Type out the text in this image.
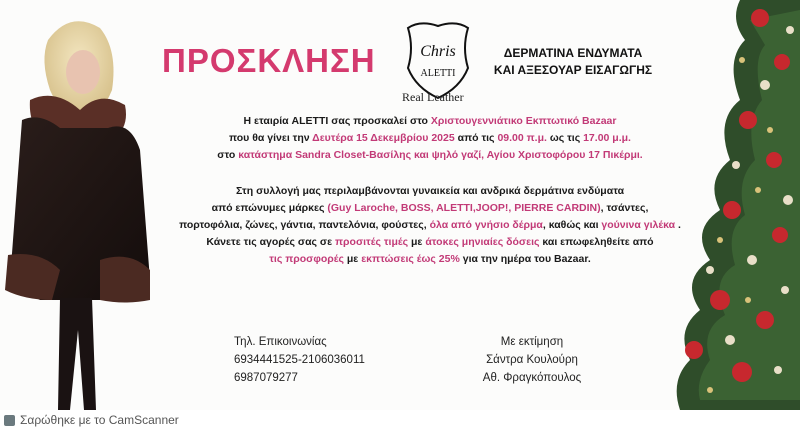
ΠΡΟΣΚΛΗΣΗ	Chris
ALETTI
Real Leather
ΔΕΡΜΑΤΙΝΑ ΕΝΔΥΜΑΤΑ
ΚΑΙ ΑΞΕΣΟΥΑΡ ΕΙΣΑΓΩΓΗΣ
Η εταιρία ALETTI σας προσκαλεί στο Χριστουγεννιάτικο Εκπτωτικό Bazaar
που θα γίνει την Δευτέρα 15 Δεκεμβρίου 2025 από τις 09.00 π.μ. ως τις 17.00 μ.μ.
στο κατάστημα Sandra Closet-Βασίλης και ψηλό γαζί, Αγίου Χριστοφόρου 17 Πικέρμι.
Στη συλλογή μας περιλαμβάνονται γυναικεία και ανδρικά δερμάτινα ενδύματα
από επώνυμες μάρκες (Guy Laroche, BOSS, ALETTI,JOOP!, PIERRE CARDIN), τσάντες,
πορτοφόλια, ζώνες, γάντια, παντελόνια, φούστες, όλα από γνήσιο δέρμα, καθώς και γούνινα γιλέκα .
Κάνετε τις αγορές σας σε προσιτές τιμές με άτοκες μηνιαίες δόσεις και επωφεληθείτε από
τις προσφορές με εκπτώσεις έως 25% για την ημέρα του Bazaar.
Τηλ. Επικοινωνίας
6934441525-2106036011
6987079277
Με εκτίμηση
Σάντρα Κουλούρη
Αθ. Φραγκόπουλος
Σαρώθηκε με το CamScanner
